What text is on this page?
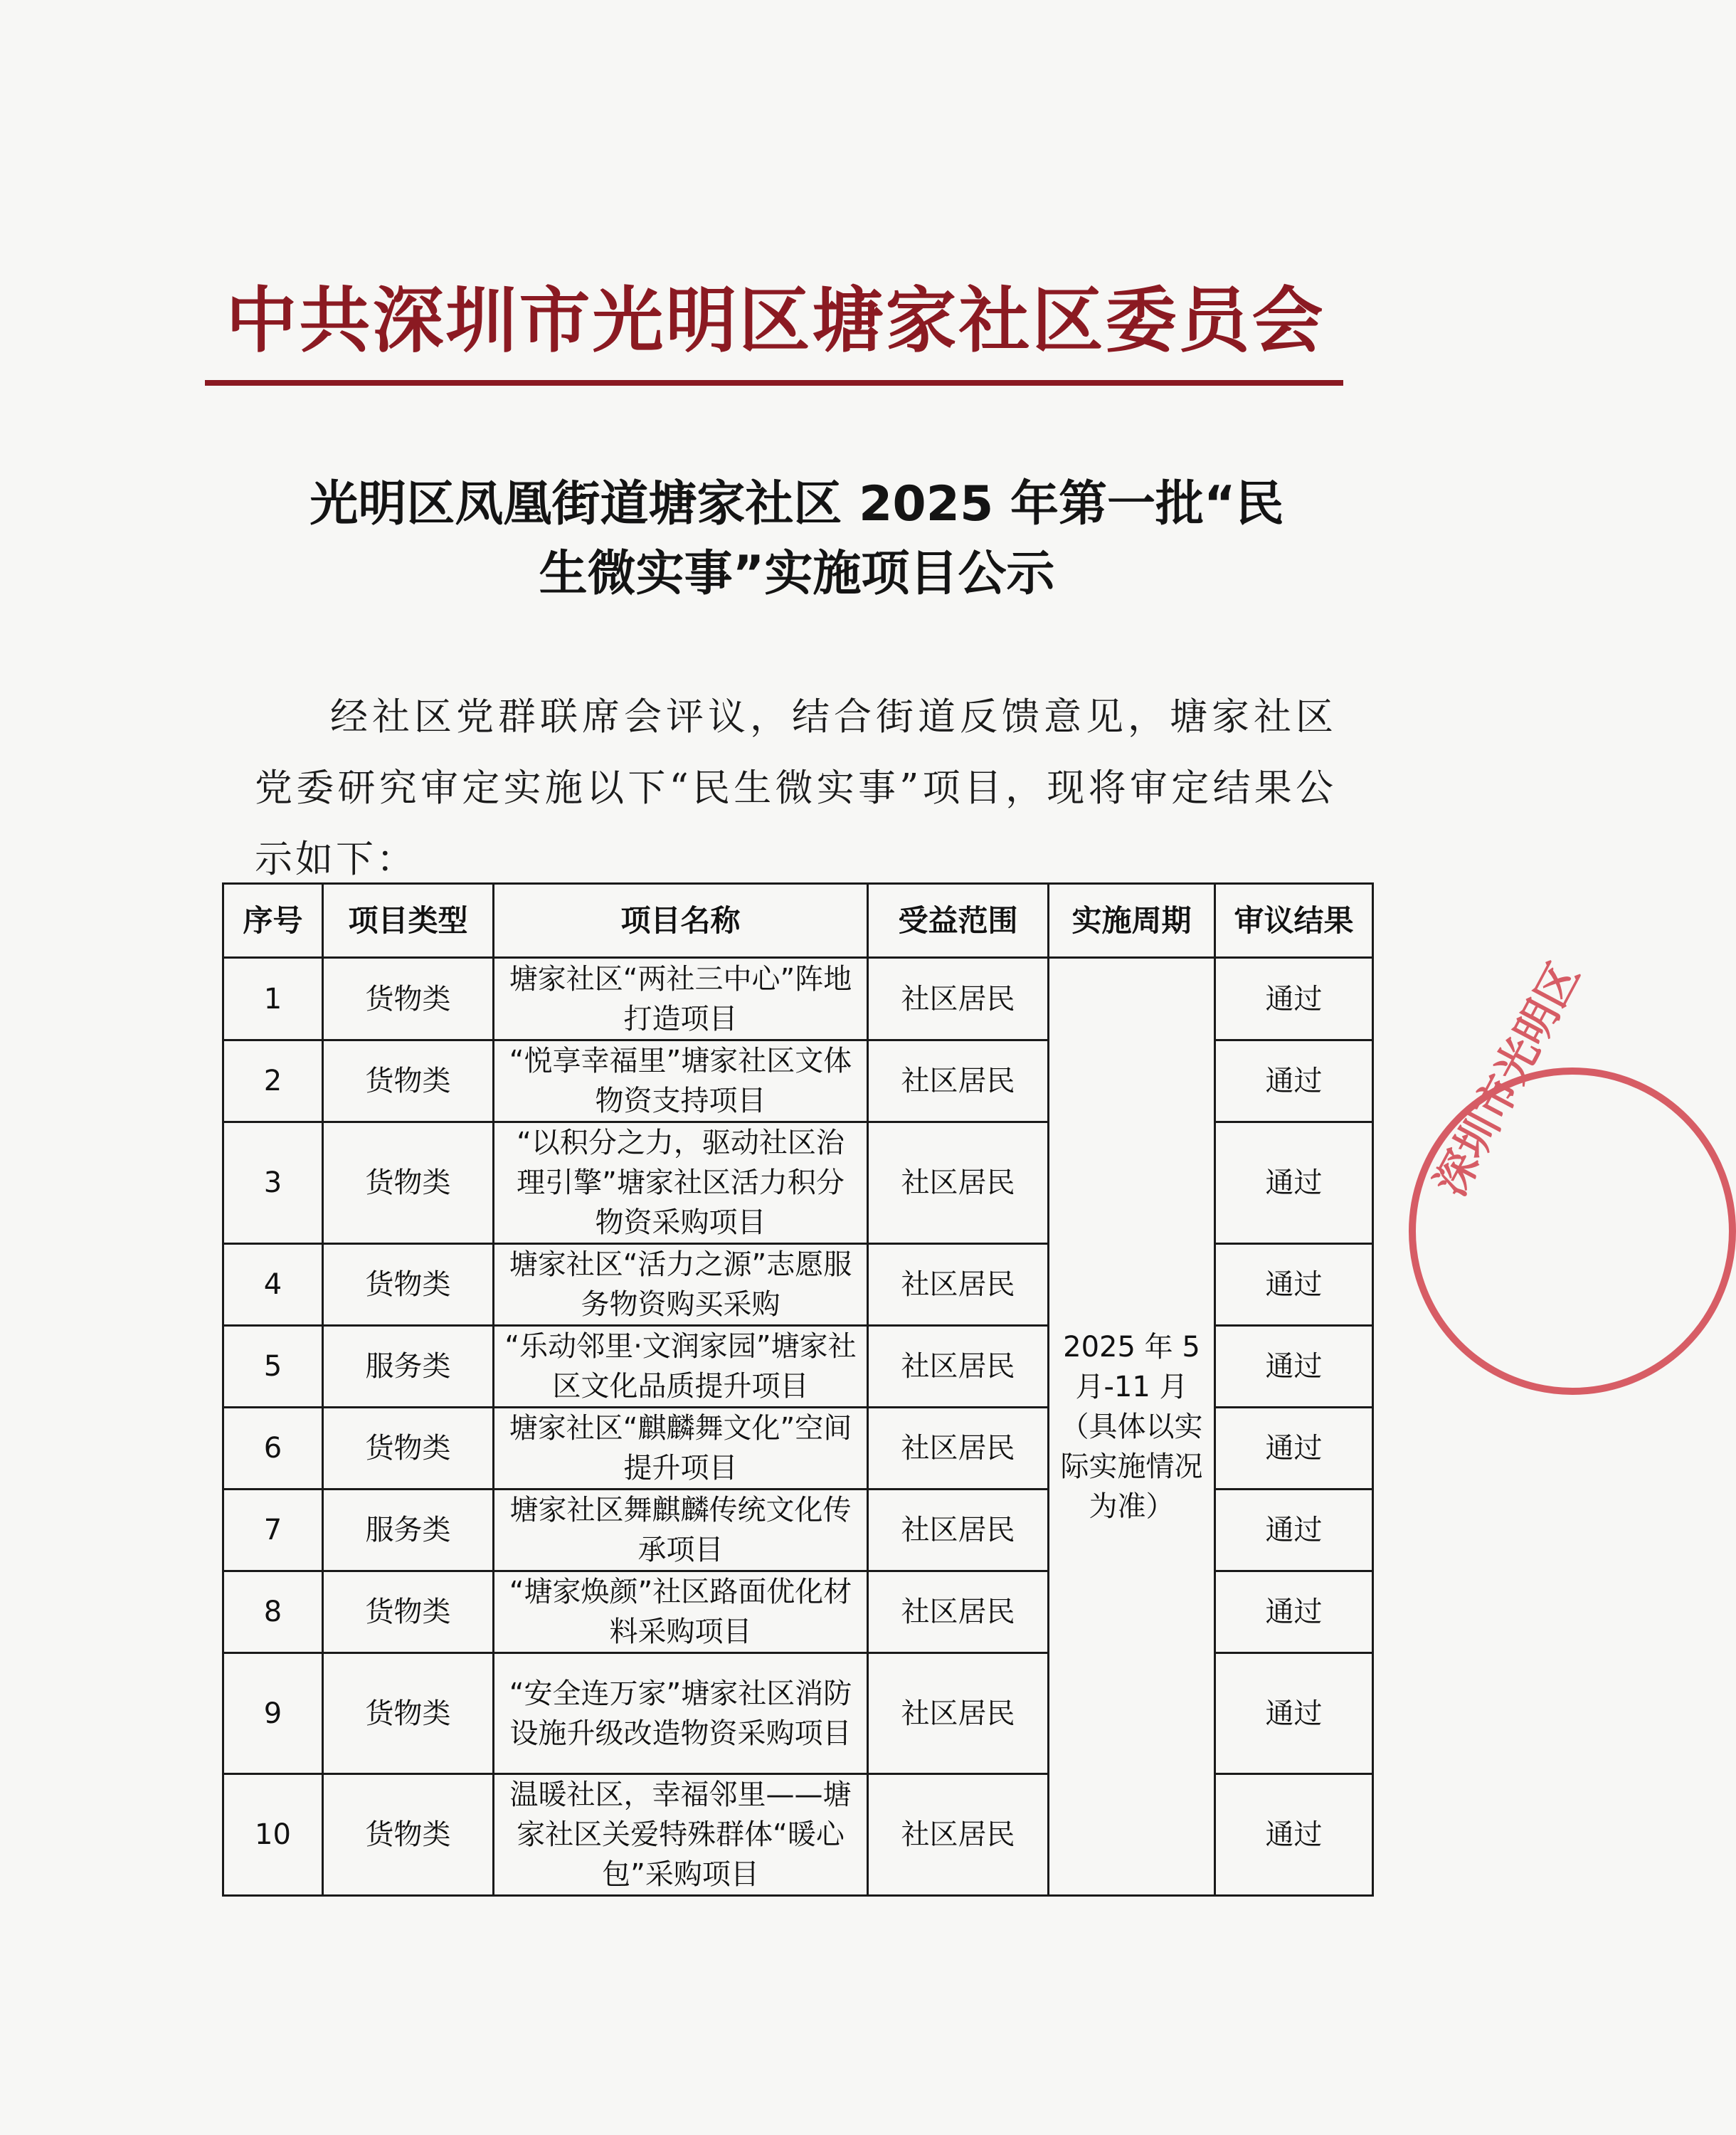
中共深圳市光明区塘家社区委员会
光明区凤凰街道塘家社区 2025 年第一批“民
生微实事”实施项目公示

经社区党群联席会评议，结合街道反馈意见，塘家社区党委研究审定实施以下“民生微实事”项目，现将审定结果公示如下：

序号	项目类型	项目名称	受益范围	实施周期	审议结果
1	货物类	塘家社区“两社三中心”阵地打造项目	社区居民	2025 年 5 月-11 月（具体以实际实施情况为准）	通过
2	货物类	“悦享幸福里”塘家社区文体物资支持项目	社区居民		通过
3	货物类	“以积分之力，驱动社区治理引擎”塘家社区活力积分物资采购项目	社区居民		通过
4	货物类	塘家社区“活力之源”志愿服务物资购买采购	社区居民		通过
5	服务类	“乐动邻里·文润家园”塘家社区文化品质提升项目	社区居民		通过
6	货物类	塘家社区“麒麟舞文化”空间提升项目	社区居民		通过
7	服务类	塘家社区舞麒麟传统文化传承项目	社区居民		通过
8	货物类	“塘家焕颜”社区路面优化材料采购项目	社区居民		通过
9	货物类	“安全连万家”塘家社区消防设施升级改造物资采购项目	社区居民		通过
10	货物类	温暖社区，幸福邻里——塘家社区关爱特殊群体“暖心包”采购项目	社区居民		通过
深圳市光明区
